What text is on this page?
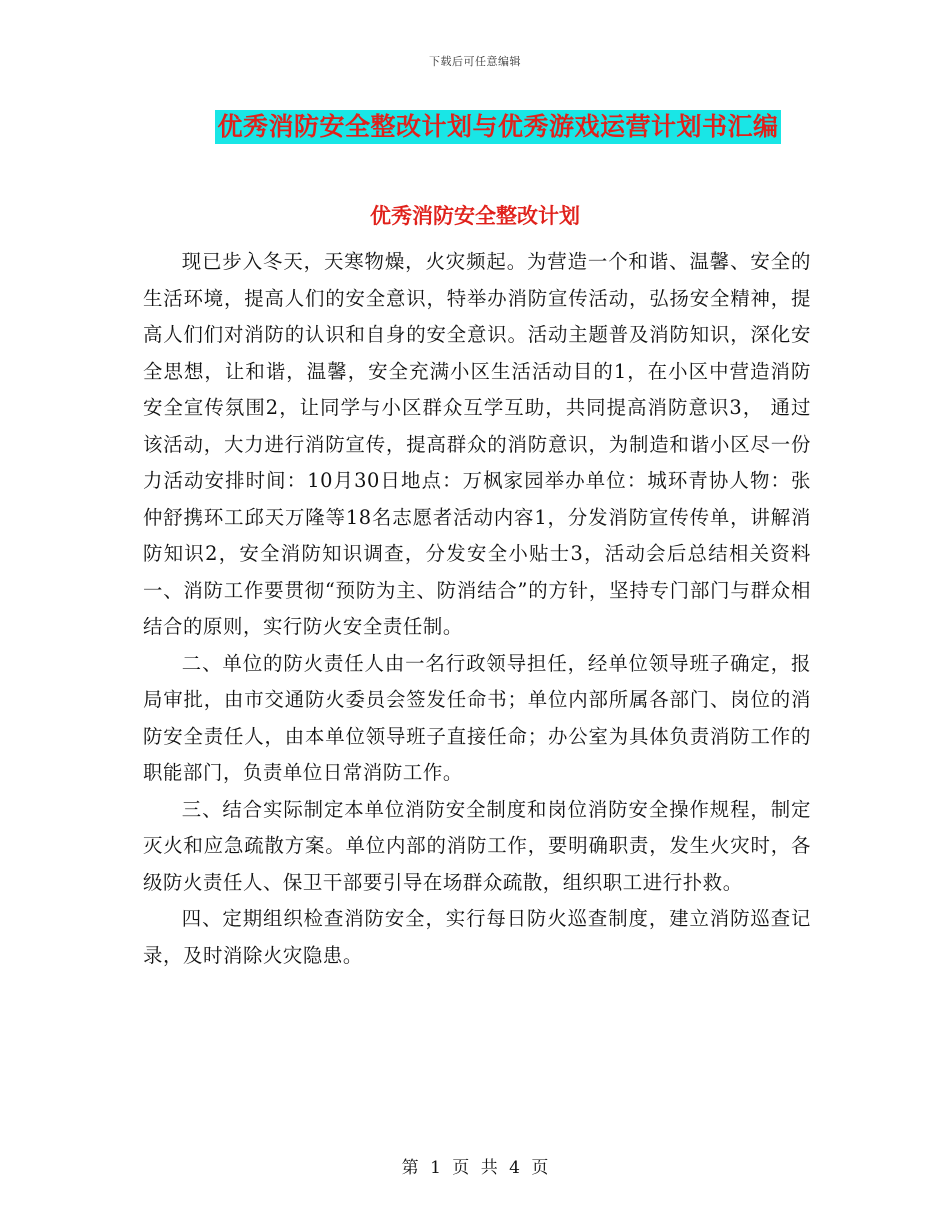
下载后可任意编辑
优秀消防安全整改计划与优秀游戏运营计划书汇编
优秀消防安全整改计划

现已步入冬天，天寒物燥，火灾频起。为营造一个和谐、温馨、安全的生活环境，提高人们的安全意识，特举办消防宣传活动，弘扬安全精神，提高人们们对消防的认识和自身的安全意识。活动主题普及消防知识，深化安全思想，让和谐，温馨，安全充满小区生活活动目的1，在小区中营造消防安全宣传氛围2，让同学与小区群众互学互助，共同提高消防意识3， 通过该活动，大力进行消防宣传，提高群众的消防意识，为制造和谐小区尽一份力活动安排时间：10月30日地点：万枫家园举办单位：城环青协人物：张仲舒携环工邱天万隆等18名志愿者活动内容1，分发消防宣传传单，讲解消防知识2，安全消防知识调查，分发安全小贴士3，活动会后总结相关资料一、消防工作要贯彻“预防为主、防消结合”的方针，坚持专门部门与群众相结合的原则，实行防火安全责任制。

二、单位的防火责任人由一名行政领导担任，经单位领导班子确定，报局审批，由市交通防火委员会签发任命书；单位内部所属各部门、岗位的消防安全责任人，由本单位领导班子直接任命；办公室为具体负责消防工作的职能部门，负责单位日常消防工作。

三、结合实际制定本单位消防安全制度和岗位消防安全操作规程，制定灭火和应急疏散方案。单位内部的消防工作，要明确职责，发生火灾时，各级防火责任人、保卫干部要引导在场群众疏散，组织职工进行扑救。

四、定期组织检查消防安全，实行每日防火巡查制度，建立消防巡查记录，及时消除火灾隐患。

第 1 页 共 4 页
